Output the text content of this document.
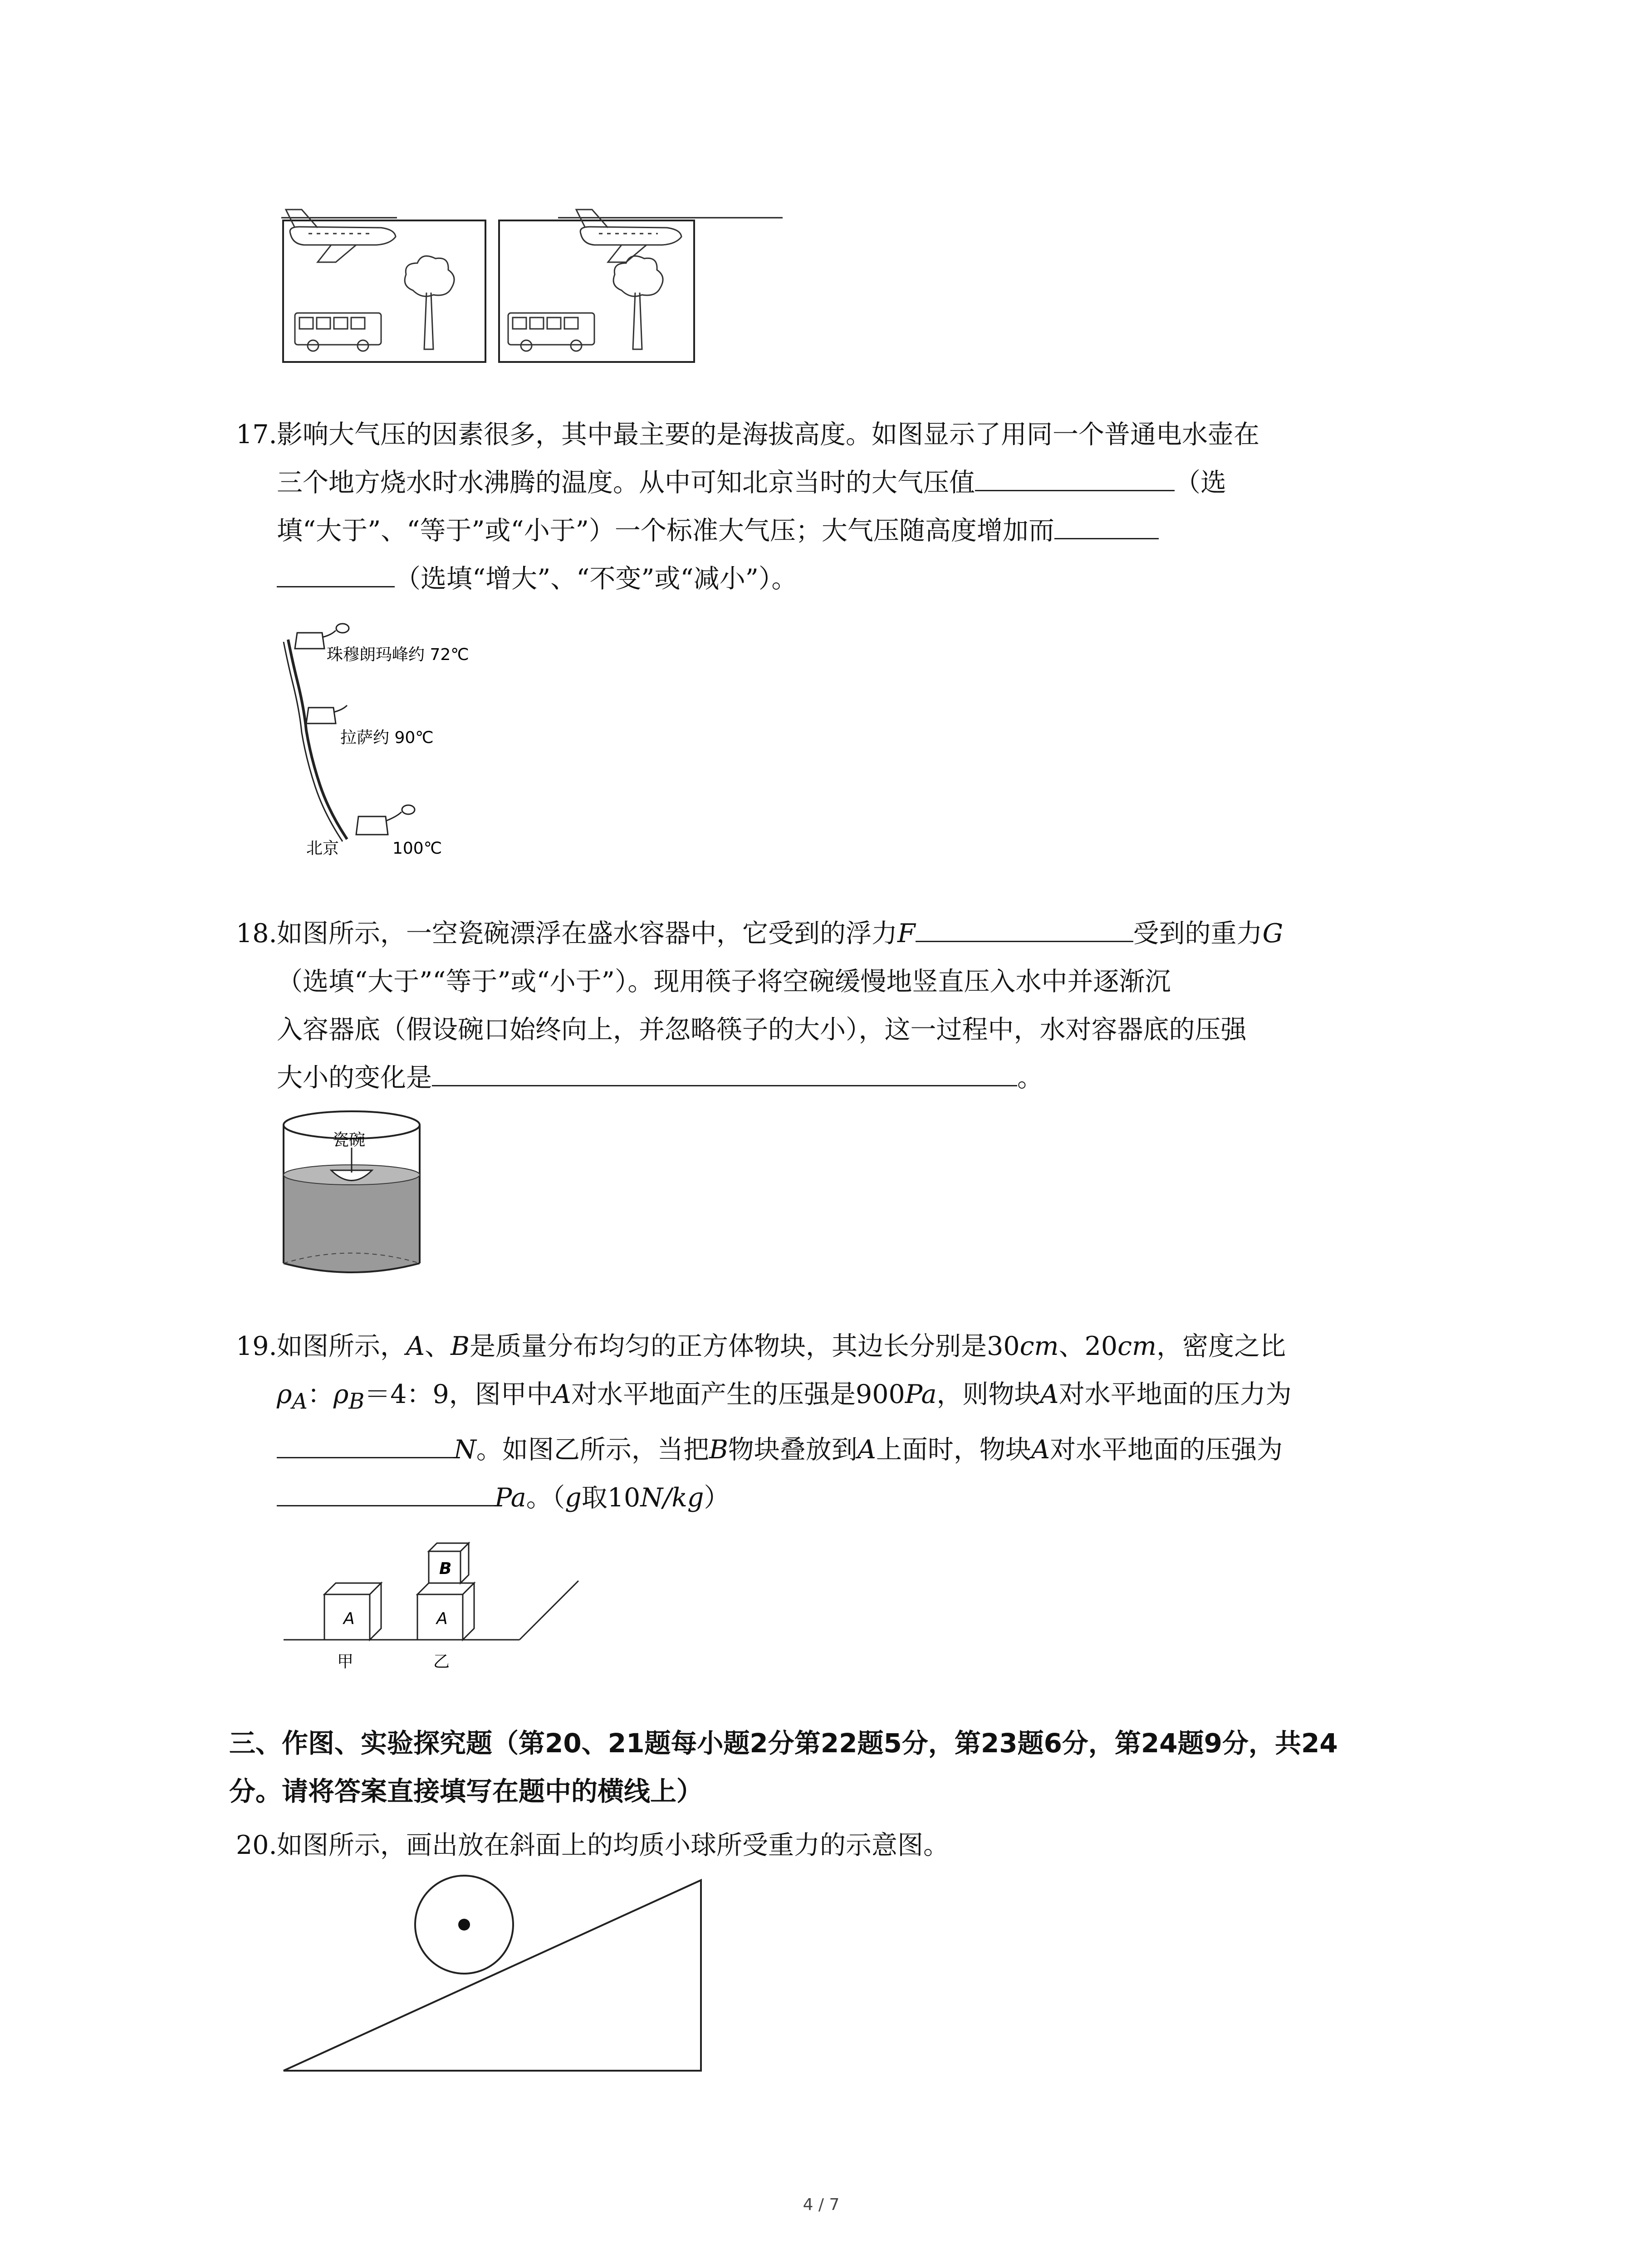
17. 影响大气压的因素很多，其中最主要的是海拔高度。如图显示了用同一个普通电水壶在
三个地方烧水时水沸腾的温度。从中可知北京当时的大气压值	（选
填“大于”、“等于”或“小于”）一个标准大气压；大气压随高度增加而
（选填“增大”、“不变”或“减小”）。
珠穆朗玛峰约 72℃
拉萨约 90℃
北京	100℃
18. 如图所示，一空瓷碗漂浮在盛水容器中，它受到的浮力F	受到的重力G
（选填“大于”“等于”或“小于”）。现用筷子将空碗缓慢地竖直压入水中并逐渐沉
入容器底（假设碗口始终向上，并忽略筷子的大小），这一过程中，水对容器底的压强
大小的变化是	。
瓷碗
19. 如图所示，A、B是质量分布均匀的正方体物块，其边长分别是30cm、20cm，密度之比
$\rho_A$：$\rho_B=4$：9，图甲中A对水平地面产生的压强是900Pa，则物块A对水平地面的压力为
N。如图乙所示，当把B物块叠放到A上面时，物块A对水平地面的压强为
Pa。（g取10N/kg）
A	A
B
甲	乙
三、作图、实验探究题（第20、21题每小题2分第22题5分，第23题6分，第24题9分，共24
分。请将答案直接填写在题中的横线上）
20. 如图所示，画出放在斜面上的均质小球所受重力的示意图。
4 / 7
